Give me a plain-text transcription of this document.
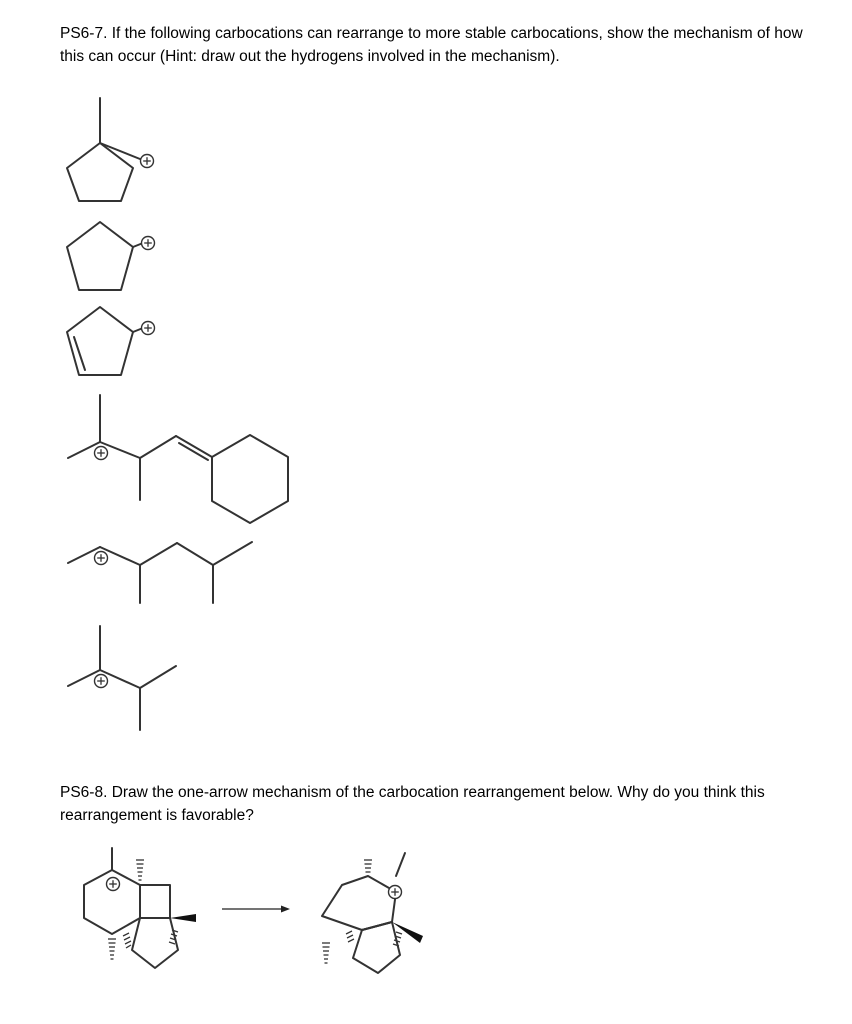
PS6-7. If the following carbocations can rearrange to more stable carbocations, show the mechanism of how this can occur (Hint: draw out the hydrogens involved in the mechanism).

PS6-8. Draw the one-arrow mechanism of the carbocation rearrangement below. Why do you think this rearrangement is favorable?
